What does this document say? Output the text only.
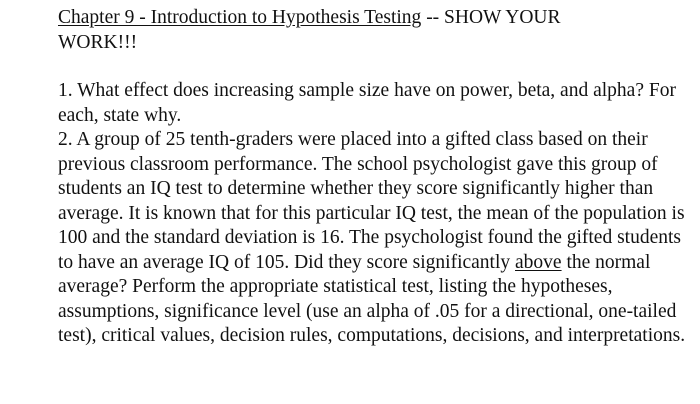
Chapter 9 - Introduction to Hypothesis Testing -- SHOW YOUR WORK!!!

1. What effect does increasing sample size have on power, beta, and alpha? For each, state why.

2. A group of 25 tenth-graders were placed into a gifted class based on their previous classroom performance. The school psychologist gave this group of students an IQ test to determine whether they score significantly higher than average. It is known that for this particular IQ test, the mean of the population is 100 and the standard deviation is 16. The psychologist found the gifted students to have an average IQ of 105. Did they score significantly above the normal average? Perform the appropriate statistical test, listing the hypotheses, assumptions, significance level (use an alpha of .05 for a directional, one-tailed test), critical values, decision rules, computations, decisions, and interpretations.
